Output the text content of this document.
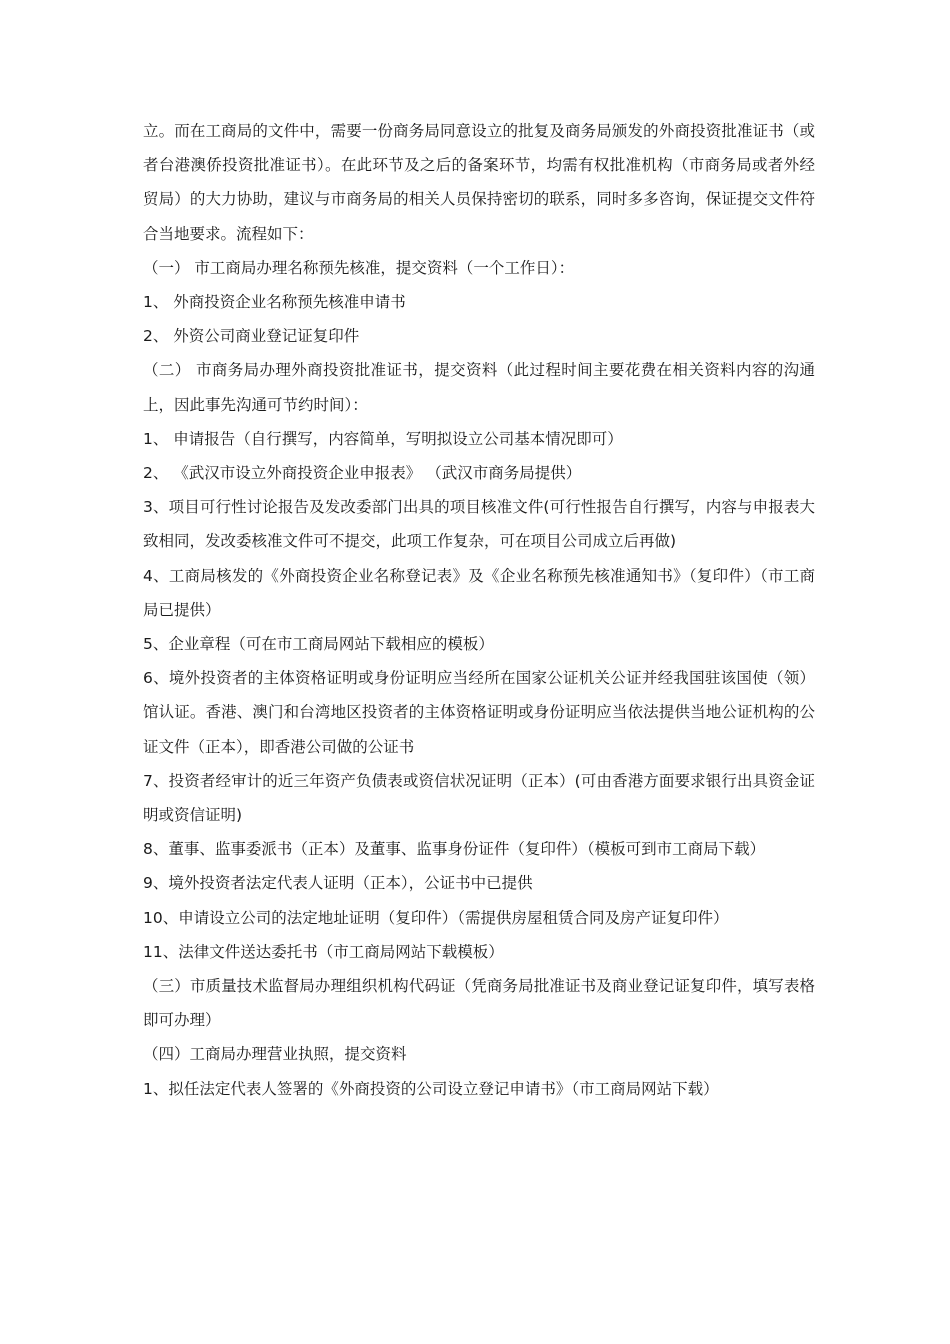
立。而在工商局的文件中，需要一份商务局同意设立的批复及商务局颁发的外商投资批准证书（或者台港澳侨投资批准证书）。在此环节及之后的备案环节，均需有权批准机构（市商务局或者外经贸局）的大力协助，建议与市商务局的相关人员保持密切的联系，同时多多咨询，保证提交文件符合当地要求。流程如下：

（一） 市工商局办理名称预先核准，提交资料（一个工作日）：

1、 外商投资企业名称预先核准申请书

2、 外资公司商业登记证复印件

（二） 市商务局办理外商投资批准证书，提交资料（此过程时间主要花费在相关资料内容的沟通上，因此事先沟通可节约时间）：

1、 申请报告（自行撰写，内容简单，写明拟设立公司基本情况即可）

2、 《武汉市设立外商投资企业申报表》 （武汉市商务局提供）

3、项目可行性讨论报告及发改委部门出具的项目核准文件(可行性报告自行撰写，内容与申报表大致相同，发改委核准文件可不提交，此项工作复杂，可在项目公司成立后再做)

4、工商局核发的《外商投资企业名称登记表》及《企业名称预先核准通知书》（复印件）（市工商局已提供）

5、企业章程（可在市工商局网站下载相应的模板）

6、境外投资者的主体资格证明或身份证明应当经所在国家公证机关公证并经我国驻该国使（领）馆认证。香港、澳门和台湾地区投资者的主体资格证明或身份证明应当依法提供当地公证机构的公证文件（正本），即香港公司做的公证书

7、投资者经审计的近三年资产负债表或资信状况证明（正本）(可由香港方面要求银行出具资金证明或资信证明)

8、董事、监事委派书（正本）及董事、监事身份证件（复印件）（模板可到市工商局下载）

9、境外投资者法定代表人证明（正本），公证书中已提供

10、申请设立公司的法定地址证明（复印件）（需提供房屋租赁合同及房产证复印件）

11、法律文件送达委托书（市工商局网站下载模板）

（三）市质量技术监督局办理组织机构代码证（凭商务局批准证书及商业登记证复印件，填写表格即可办理）

（四）工商局办理营业执照，提交资料

1、拟任法定代表人签署的《外商投资的公司设立登记申请书》（市工商局网站下载）
